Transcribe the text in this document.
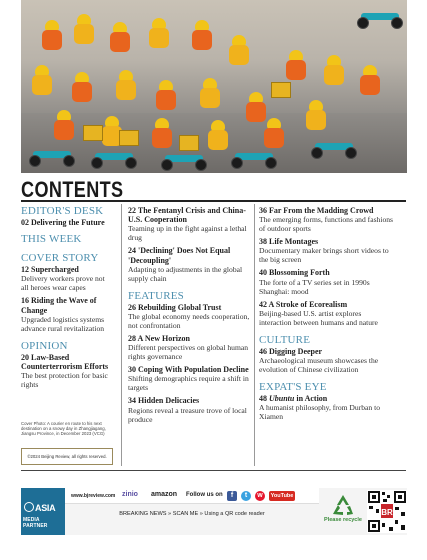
CONTENTS
EDITOR'S DESK
02 Delivering the Future
THIS WEEK
COVER STORY
12 Supercharged
Delivery workers prove not all heroes wear capes
16 Riding the Wave of Change
Upgraded logistics systems advance rural revitalization
OPINION
20 Law-Based Counterterrorism Efforts
The best protection for basic rights
Cover Photo: A courier en route to his next destination on a snowy day in Zhangjiagang, Jiangsu Province, in December 2023 (VCG)
©2024 Beijing Review, all rights reserved.
22 The Fentanyl Crisis and China-U.S. Cooperation
Teaming up in the fight against a lethal drug
24 'Declining' Does Not Equal 'Decoupling'
Adapting to adjustments in the global supply chain
FEATURES
26 Rebuilding Global Trust
The global economy needs cooperation, not confrontation
28 A New Horizon
Different perspectives on global human rights governance
30 Coping With Population Decline
Shifting demographics require a shift in targets
34 Hidden Delicacies
Regions reveal a treasure trove of local produce
36 Far From the Madding Crowd
The emerging forms, functions and fashions of outdoor sports
38 Life Montages
Documentary maker brings short videos to the big screen
40 Blossoming Forth
The forte of a TV series set in 1990s Shanghai: mood
42 A Stroke of Ecorealism
Beijing-based U.S. artist explores interaction between humans and nature
CULTURE
46 Digging Deeper
Archaeological museum showcases the evolution of Chinese civilization
EXPAT'S EYE
48 Ubuntu in Action
A humanist philosophy, from Durban to Xiamen
ASIA
MEDIA PARTNER
www.bjreview.com zinio amazon Follow us on	f	t	w	YouTube
BREAKING NEWS » SCAN ME » Using a QR code reader
Please recycle
BR
